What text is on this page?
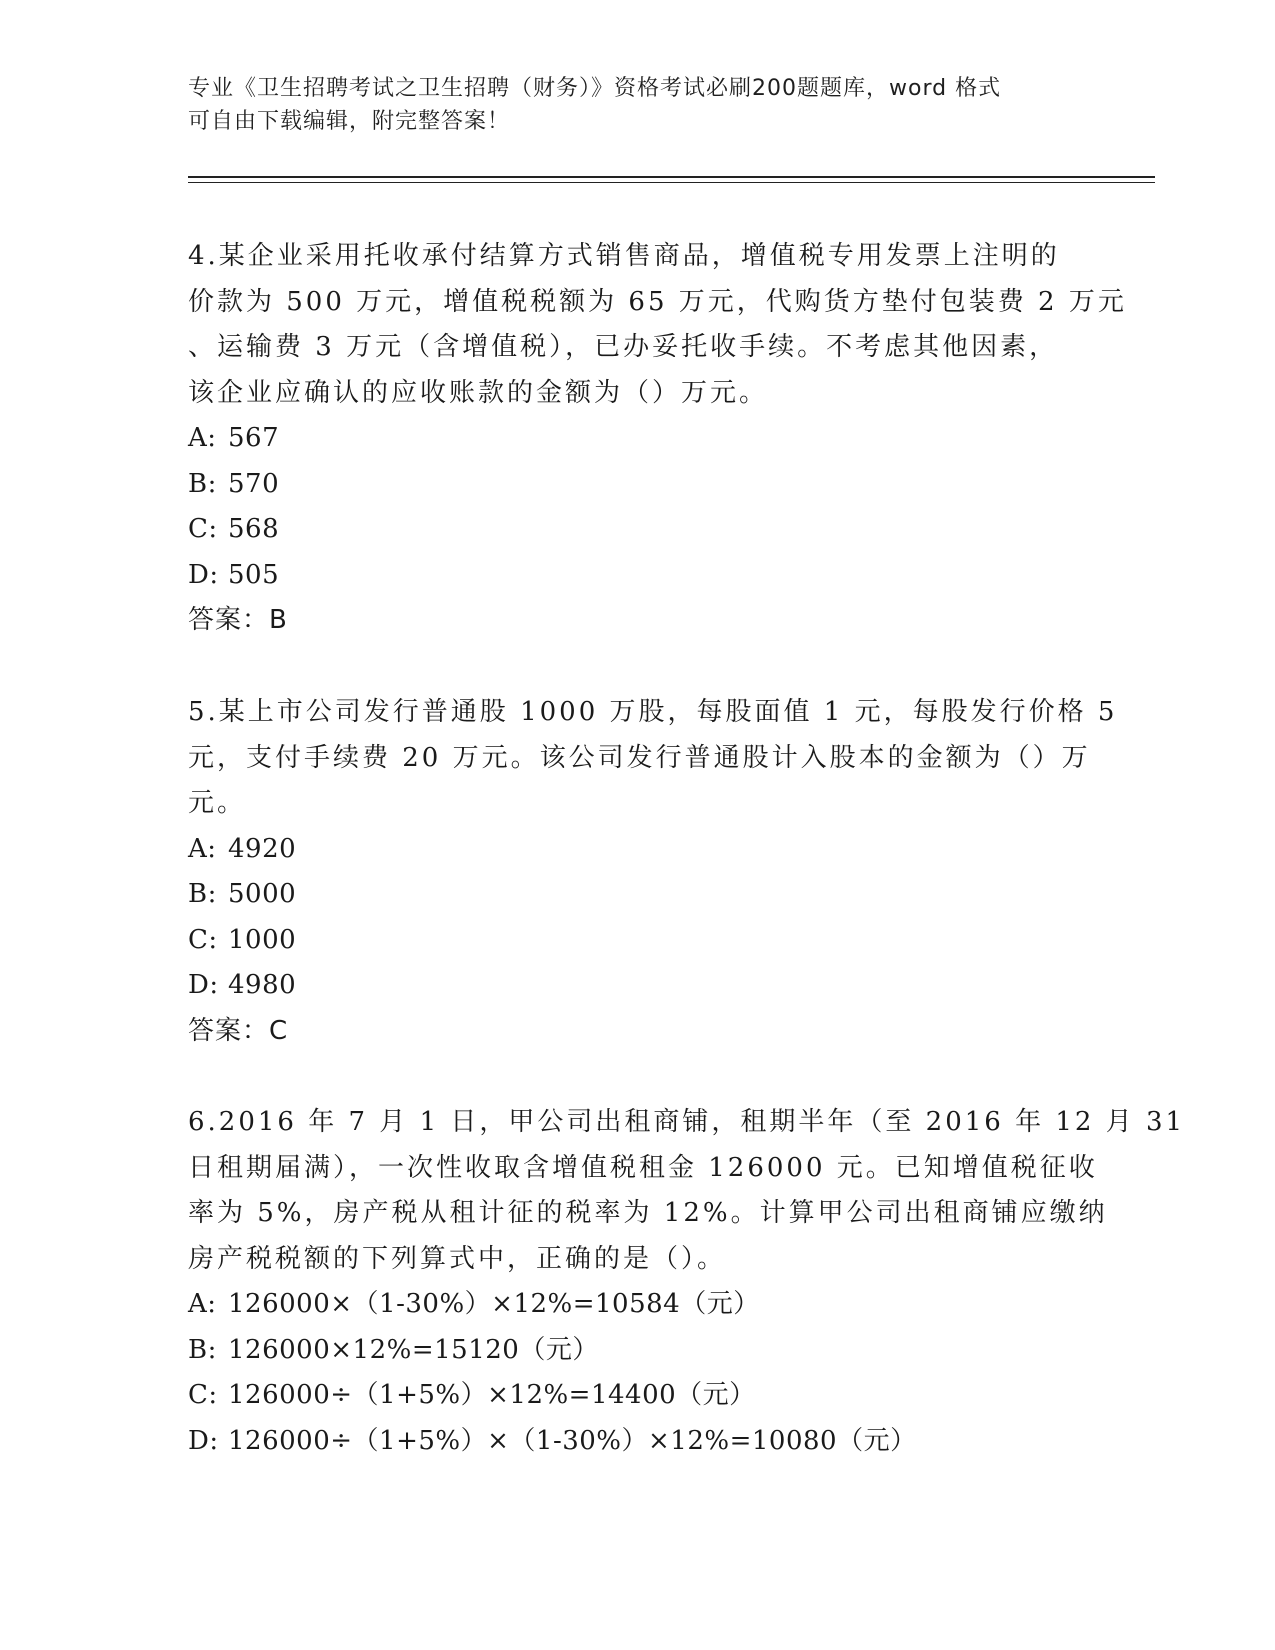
专业《卫生招聘考试之卫生招聘（财务）》资格考试必刷200题题库，word 格式
可自由下载编辑，附完整答案！
4.某企业采用托收承付结算方式销售商品，增值税专用发票上注明的
价款为 500 万元，增值税税额为 65 万元，代购货方垫付包装费 2 万元
、运输费 3 万元（含增值税），已办妥托收手续。不考虑其他因素，
该企业应确认的应收账款的金额为（）万元。
A: 567
B: 570
C: 568
D: 505
答案：B
5.某上市公司发行普通股 1000 万股，每股面值 1 元，每股发行价格 5
元，支付手续费 20 万元。该公司发行普通股计入股本的金额为（）万
元。
A: 4920
B: 5000
C: 1000
D: 4980
答案：C
6.2016 年 7 月 1 日，甲公司出租商铺，租期半年（至 2016 年 12 月 31
日租期届满），一次性收取含增值税租金 126000 元。已知增值税征收
率为 5%，房产税从租计征的税率为 12%。计算甲公司出租商铺应缴纳
房产税税额的下列算式中，正确的是（）。
A: 126000×（1-30%）×12%=10584（元）
B: 126000×12%=15120（元）
C: 126000÷（1+5%）×12%=14400（元）
D: 126000÷（1+5%）×（1-30%）×12%=10080（元）
